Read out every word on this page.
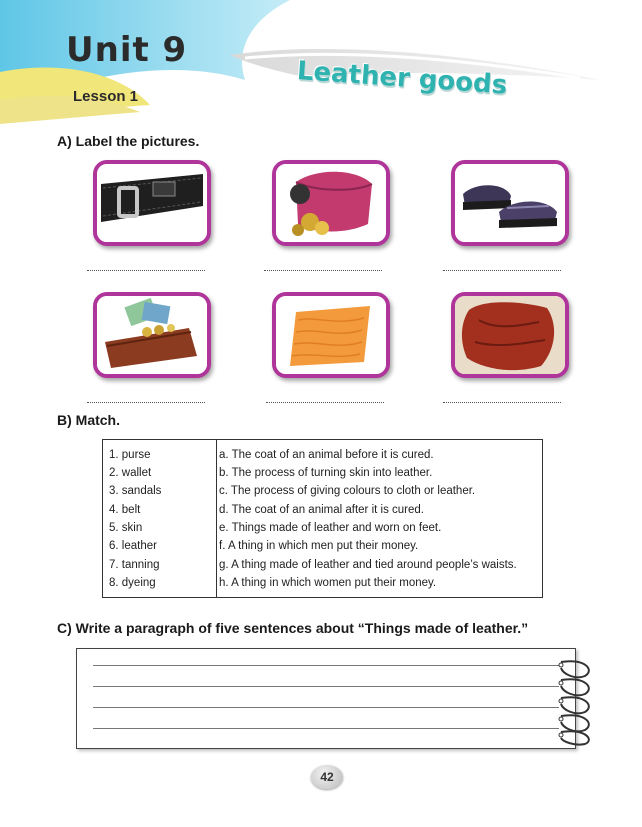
Unit 9
Lesson 1	Leather goods
A) Label the pictures.
B) Match.
1. purse	a. The coat of an animal before it is cured.
2. wallet	b. The process of turning skin into leather.
3. sandals	c. The process of giving colours to cloth or leather.
4. belt	d. The coat of an animal after it is cured.
5. skin	e. Things made of leather and worn on feet.
6. leather	f. A thing in which men put their money.
7. tanning	g. A thing made of leather and tied around people’s waists.
8. dyeing	h. A thing in which women put their money.
C) Write a paragraph of five sentences about “Things made of leather.”
42
